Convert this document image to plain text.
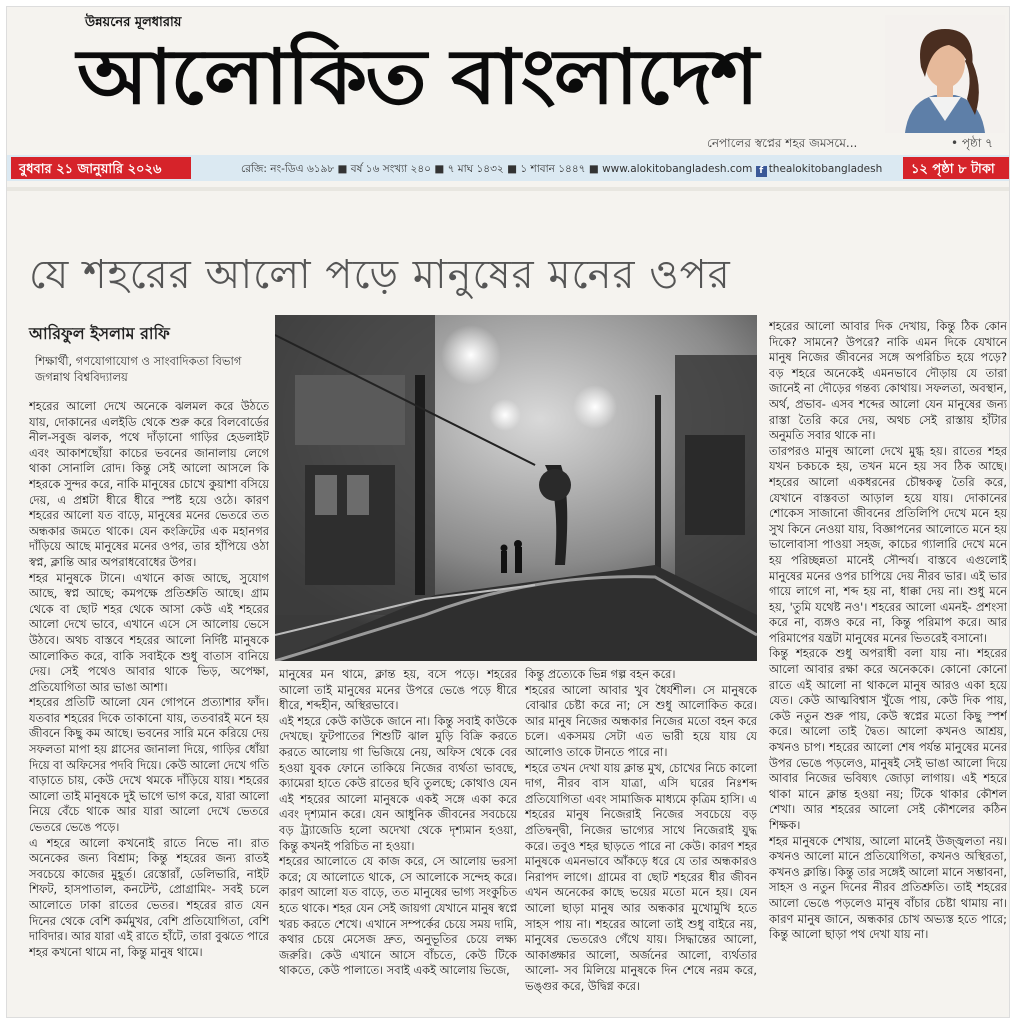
উন্নয়নের মূলধারায়
আলোকিত বাংলাদেশ
নেপালের স্বপ্নের শহর জমসমে...	• পৃষ্ঠা ৭
বুধবার ২১ জানুয়ারি ২০২৬	রেজি: নং-ডিএ ৬১৯৮ ■ বর্ষ ১৬ সংখ্যা ২৪০ ■ ৭ মাঘ ১৪৩২ ■ ১ শাবান ১৪৪৭ ■ www.alokitobangladesh.com f thealokitobangladesh	১২ পৃষ্ঠা ৮ টাকা
যে শহরের আলো পড়ে মানুষের মনের ওপর
আরিফুল ইসলাম রাফি
শিক্ষার্থী, গণযোগাযোগ ও সাংবাদিকতা বিভাগ
জগন্নাথ বিশ্ববিদ্যালয়

শহরের আলো দেখে অনেকে ঝলমল করে উঠতে যায়, দোকানের এলইডি থেকে শুরু করে বিলবোর্ডের নীল-সবুজ ঝলক, পথে দাঁড়ানো গাড়ির হেডলাইট এবং আকাশছোঁয়া কাচের ভবনের জানালায় লেগে থাকা সোনালি রোদ। কিন্তু সেই আলো আসলে কি শহরকে সুন্দর করে, নাকি মানুষের চোখে কুয়াশা বসিয়ে দেয়, এ প্রশ্নটা ধীরে ধীরে স্পষ্ট হয়ে ওঠে। কারণ শহরের আলো যত বাড়ে, মানুষের মনের ভেতরে তত অন্ধকার জমতে থাকে। যেন কংক্রিটের এক মহানগর দাঁড়িয়ে আছে মানুষের মনের ওপর, তার হাঁপিয়ে ওঠা স্বপ্ন, ক্লান্তি আর অপরাধবোধের উপর।

শহর মানুষকে টানে। এখানে কাজ আছে, সুযোগ আছে, স্বপ্ন আছে; কমপক্ষে প্রতিশ্রুতি আছে। গ্রাম থেকে বা ছোট শহর থেকে আসা কেউ এই শহরের আলো দেখে ভাবে, এখানে এসে সে আলোয় ভেসে উঠবে। অথচ বাস্তবে শহরের আলো নির্দিষ্ট মানুষকে আলোকিত করে, বাকি সবাইকে শুধু বাতাস বানিয়ে দেয়। সেই পথেও আবার থাকে ভিড়, অপেক্ষা, প্রতিযোগিতা আর ভাঙা আশা।

শহরের প্রতিটি আলো যেন গোপনে প্রত্যাশার ফাঁদ। যতবার শহরের দিকে তাকানো যায়, ততবারই মনে হয় জীবনে কিছু কম আছে। ভবনের সারি মনে করিয়ে দেয় সফলতা মাপা হয় গ্লাসের জানালা দিয়ে, গাড়ির ধোঁয়া দিয়ে বা অফিসের পদবি দিয়ে। কেউ আলো দেখে গতি বাড়াতে চায়, কেউ দেখে থমকে দাঁড়িয়ে যায়। শহরের আলো তাই মানুষকে দুই ভাগে ভাগ করে, যারা আলো নিয়ে বেঁচে থাকে আর যারা আলো দেখে ভেতরে ভেতরে ভেঙে পড়ে।

এ শহরে আলো কখনোই রাতে নিভে না। রাত অনেকের জন্য বিশ্রাম; কিন্তু শহরের জন্য রাতই সবচেয়ে কাজের মুহূর্ত। রেস্তোরাঁ, ডেলিভারি, নাইট শিফট, হাসপাতাল, কনটেন্ট, প্রোগ্রামিং- সবই চলে আলোতে ঢাকা রাতের ভেতর। শহরের রাত যেন দিনের থেকে বেশি কর্মমুখর, বেশি প্রতিযোগিতা, বেশি দাবিদার। আর যারা এই রাতে হাঁটে, তারা বুঝতে পারে শহর কখনো থামে না, কিন্তু মানুষ থামে।

মানুষের মন থামে, ক্লান্ত হয়, বসে পড়ে। শহরের আলো তাই মানুষের মনের উপরে ভেঙে পড়ে ধীরে ধীরে, শব্দহীন, অস্থিরভাবে।

এই শহরে কেউ কাউকে জানে না। কিন্তু সবাই কাউকে দেখছে। ফুটপাতের শিশুটি ঝাল মুড়ি বিক্রি করতে করতে আলোয় গা ভিজিয়ে নেয়, অফিস থেকে বের হওয়া যুবক ফোনে তাকিয়ে নিজের ব্যর্থতা ভাবছে, ক্যামেরা হাতে কেউ রাতের ছবি তুলছে; কোথাও যেন এই শহরের আলো মানুষকে একই সঙ্গে একা করে এবং দৃশ্যমান করে। যেন আধুনিক জীবনের সবচেয়ে বড় ট্র্যাজেডি হলো অদেখা থেকে দৃশ্যমান হওয়া, কিন্তু কখনই পরিচিত না হওয়া।

শহরের আলোতে যে কাজ করে, সে আলোয় ভরসা করে; যে আলোতে থাকে, সে আলোকে সন্দেহ করে। কারণ আলো যত বাড়ে, তত মানুষের ভাগ্য সংকুচিত হতে থাকে। শহর যেন সেই জায়গা যেখানে মানুষ স্বপ্নে খরচ করতে শেখে। এখানে সম্পর্কের চেয়ে সময় দামি, কথার চেয়ে মেসেজ দ্রুত, অনুভূতির চেয়ে লক্ষ্য জরুরি। কেউ এখানে আসে বাঁচতে, কেউ টিকে থাকতে, কেউ পালাতে। সবাই একই আলোয় ভিজে,

কিন্তু প্রত্যেকে ভিন্ন গল্প বহন করে।

শহরের আলো আবার খুব ধৈর্যশীল। সে মানুষকে বোঝার চেষ্টা করে না; সে শুধু আলোকিত করে। আর মানুষ নিজের অন্ধকার নিজের মতো বহন করে চলে। একসময় সেটা এত ভারী হয়ে যায় যে আলোও তাকে টানতে পারে না।

শহরে তখন দেখা যায় ক্লান্ত মুখ, চোখের নিচে কালো দাগ, নীরব বাস যাত্রা, এসি ঘরের নিঃশব্দ প্রতিযোগিতা এবং সামাজিক মাধ্যমে কৃত্রিম হাসি। এ শহরের মানুষ নিজেরাই নিজের সবচেয়ে বড় প্রতিদ্বন্দ্বী, নিজের ভাগ্যের সাথে নিজেরাই যুদ্ধ করে। তবুও শহর ছাড়তে পারে না কেউ। কারণ শহর মানুষকে এমনভাবে আঁকড়ে ধরে যে তার অন্ধকারও নিরাপদ লাগে। গ্রামের বা ছোট শহরের ধীর জীবন এখন অনেকের কাছে ভয়ের মতো মনে হয়। যেন আলো ছাড়া মানুষ আর অন্ধকার মুখোমুখি হতে সাহস পায় না। শহরের আলো তাই শুধু বাইরে নয়, মানুষের ভেতরেও গেঁথে যায়। সিদ্ধান্তের আলো, আকাঙ্ক্ষার আলো, অর্জনের আলো, ব্যর্থতার আলো- সব মিলিয়ে মানুষকে দিন শেষে নরম করে, ভঙ্গুর করে, উদ্বিগ্ন করে।

শহরের আলো আবার দিক দেখায়, কিন্তু ঠিক কোন দিকে? সামনে? উপরে? নাকি এমন দিকে যেখানে মানুষ নিজের জীবনের সঙ্গে অপরিচিত হয়ে পড়ে? বড় শহরে অনেকেই এমনভাবে দৌড়ায় যে তারা জানেই না দৌড়ের গন্তব্য কোথায়। সফলতা, অবস্থান, অর্থ, প্রভাব- এসব শব্দের আলো যেন মানুষের জন্য রাস্তা তৈরি করে দেয়, অথচ সেই রাস্তায় হাঁটার অনুমতি সবার থাকে না।

তারপরও মানুষ আলো দেখে মুগ্ধ হয়। রাতের শহর যখন চকচকে হয়, তখন মনে হয় সব ঠিক আছে। শহরের আলো একধরনের চৌম্বকত্ব তৈরি করে, যেখানে বাস্তবতা আড়াল হয়ে যায়। দোকানের শোকেস সাজানো জীবনের প্রতিলিপি দেখে মনে হয় সুখ কিনে নেওয়া যায়, বিজ্ঞাপনের আলোতে মনে হয় ভালোবাসা পাওয়া সহজ, কাচের গ্যালারি দেখে মনে হয় পরিচ্ছন্নতা মানেই সৌন্দর্য। বাস্তবে এগুলোই মানুষের মনের ওপর চাপিয়ে দেয় নীরব ভার। এই ভার গায়ে লাগে না, শব্দ হয় না, ধাক্কা দেয় না। শুধু মনে হয়, 'তুমি যথেষ্ট নও'। শহরের আলো এমনই- প্রশংসা করে না, ব্যঙ্গও করে না, কিন্তু পরিমাপ করে। আর পরিমাপের যন্ত্রটা মানুষের মনের ভিতরেই বসানো।

কিন্তু শহরকে শুধু অপরাধী বলা যায় না। শহরের আলো আবার রক্ষা করে অনেককে। কোনো কোনো রাতে এই আলো না থাকলে মানুষ আরও একা হয়ে যেত। কেউ আত্মবিশ্বাস খুঁজে পায়, কেউ দিক পায়, কেউ নতুন শুরু পায়, কেউ স্বপ্নের মতো কিছু স্পর্শ করে। আলো তাই দ্বৈত। আলো কখনও আশ্রয়, কখনও চাপ। শহরের আলো শেষ পর্যন্ত মানুষের মনের উপর ভেঙে পড়লেও, মানুষই সেই ভাঙা আলো দিয়ে আবার নিজের ভবিষ্যৎ জোড়া লাগায়। এই শহরে থাকা মানে ক্লান্ত হওয়া নয়; টিকে থাকার কৌশল শেখা। আর শহরের আলো সেই কৌশলের কঠিন শিক্ষক।

শহর মানুষকে শেখায়, আলো মানেই উজ্জ্বলতা নয়। কখনও আলো মানে প্রতিযোগিতা, কখনও অস্থিরতা, কখনও ক্লান্তি। কিন্তু তার সঙ্গেই আলো মানে সম্ভাবনা, সাহস ও নতুন দিনের নীরব প্রতিশ্রুতি। তাই শহরের আলো ভেঙে পড়লেও মানুষ বাঁচার চেষ্টা থামায় না। কারণ মানুষ জানে, অন্ধকার চোখ অভ্যস্ত হতে পারে; কিন্তু আলো ছাড়া পথ দেখা যায় না।
